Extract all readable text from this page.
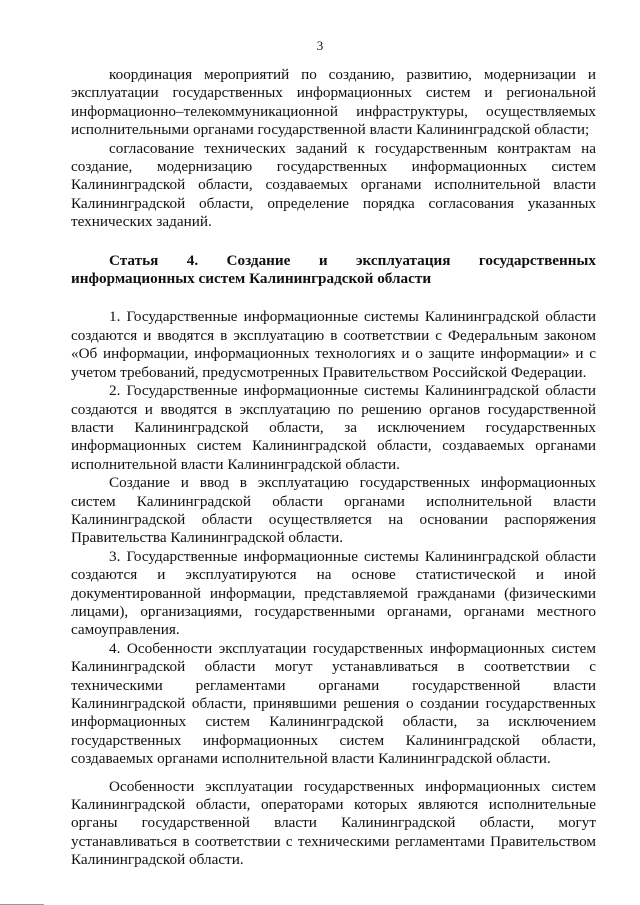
3

координация мероприятий по созданию, развитию, модернизации и эксплуатации государственных информационных систем и региональной информационно–телекоммуникационной инфраструктуры, осуществляемых исполнительными органами государственной власти Калининградской области;

согласование технических заданий к государственным контрактам на создание, модернизацию государственных информационных систем Калининградской области, создаваемых органами исполнительной власти Калининградской области, определение порядка согласования указанных технических заданий.

Статья 4. Создание и эксплуатация государственных информационных систем Калининградской области

1. Государственные информационные системы Калининградской области создаются и вводятся в эксплуатацию в соответствии с Федеральным законом «Об информации, информационных технологиях и о защите информации» и с учетом требований, предусмотренных Правительством Российской Федерации.

2. Государственные информационные системы Калининградской области создаются и вводятся в эксплуатацию по решению органов государственной власти Калининградской области, за исключением государственных информационных систем Калининградской области, создаваемых органами исполнительной власти Калининградской области.

Создание и ввод в эксплуатацию государственных информационных систем Калининградской области органами исполнительной власти Калининградской области осуществляется на основании распоряжения Правительства Калининградской области.

3. Государственные информационные системы Калининградской области создаются и эксплуатируются на основе статистической и иной документированной информации, представляемой гражданами (физическими лицами), организациями, государственными органами, органами местного самоуправления.

4. Особенности эксплуатации государственных информационных систем Калининградской области могут устанавливаться в соответствии с техническими регламентами органами государственной власти Калининградской области, принявшими решения о создании государственных информационных систем Калининградской области, за исключением государственных информационных систем Калининградской области, создаваемых органами исполнительной власти Калининградской области.

Особенности эксплуатации государственных информационных систем Калининградской области, операторами которых являются исполнительные органы государственной власти Калининградской области, могут устанавливаться в соответствии с техническими регламентами Правительством Калининградской области.
